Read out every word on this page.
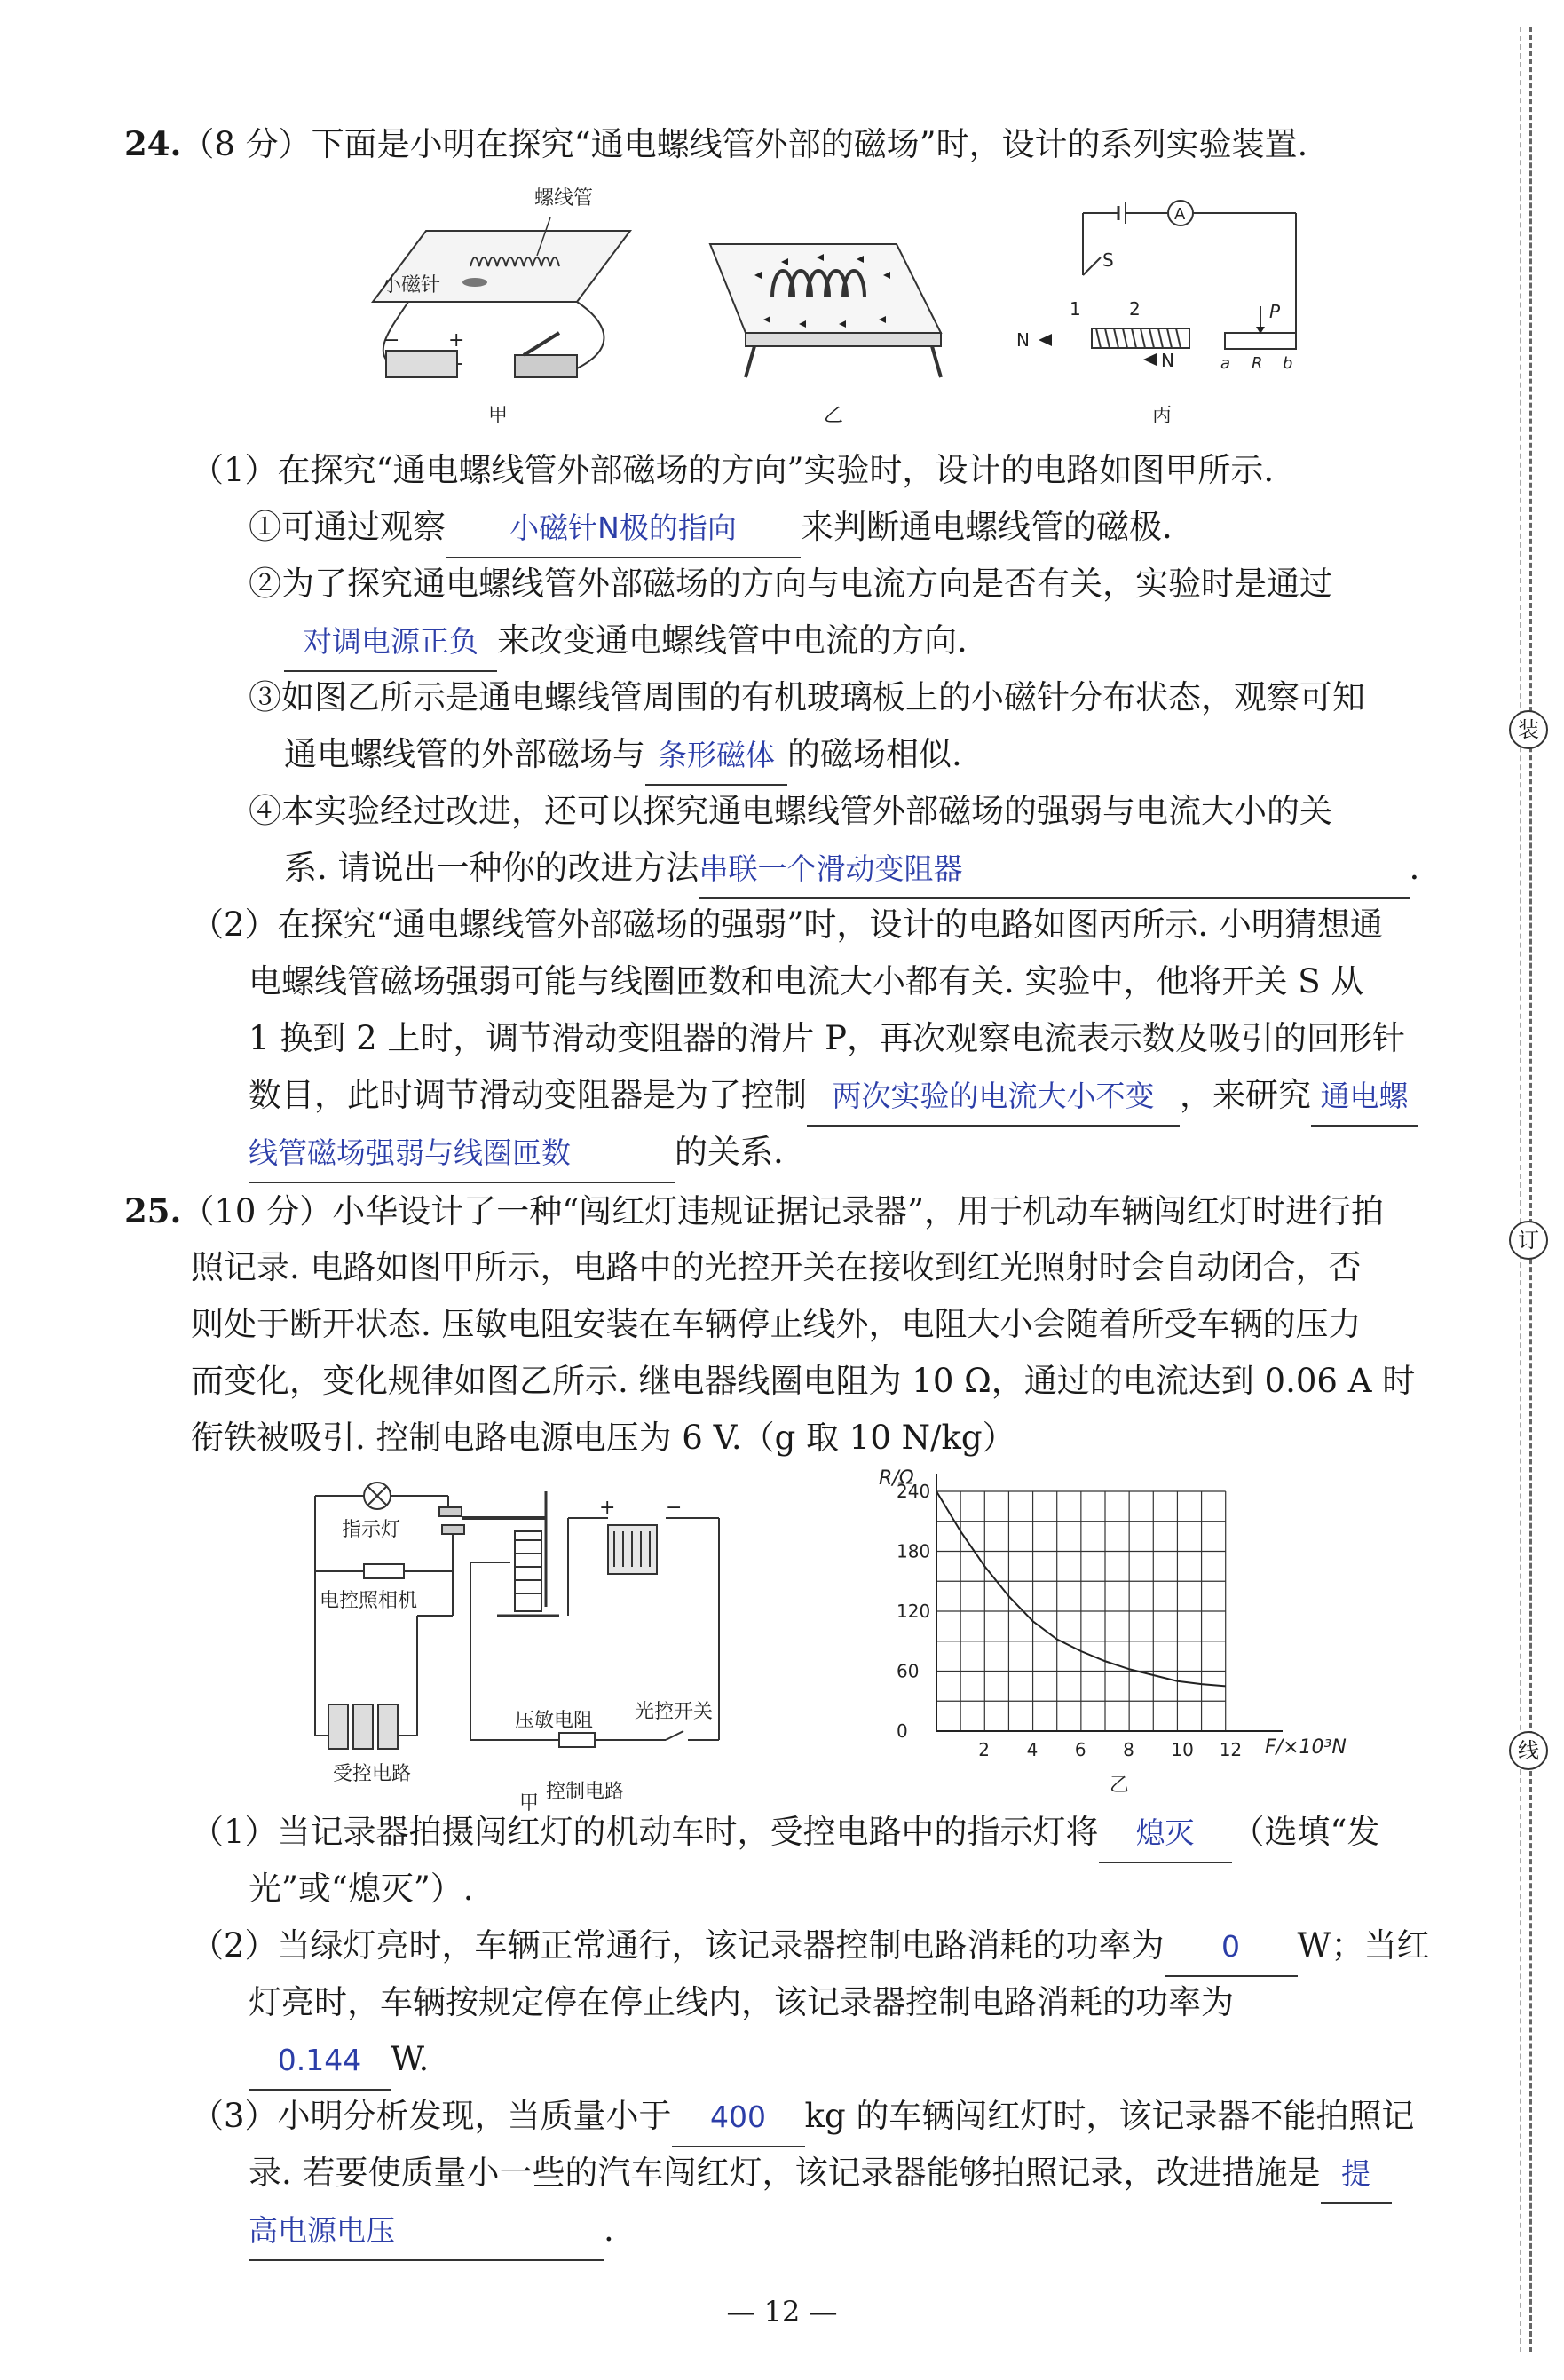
装
订
线
24.（8 分）下面是小明在探究“通电螺线管外部的磁场”时，设计的系列实验装置.
螺线管
小磁针
− +
甲	乙
A
S
1	2
N
N
P
a R b
丙
（1）在探究“通电螺线管外部磁场的方向”实验时，设计的电路如图甲所示.
①可通过观察 小磁针N极的指向 来判断通电螺线管的磁极.
②为了探究通电螺线管外部磁场的方向与电流方向是否有关，实验时是通过
对调电源正负 来改变通电螺线管中电流的方向.
③如图乙所示是通电螺线管周围的有机玻璃板上的小磁针分布状态，观察可知
通电螺线管的外部磁场与 条形磁体 的磁场相似.
④本实验经过改进，还可以探究通电螺线管外部磁场的强弱与电流大小的关
系. 请说出一种你的改进方法串联一个滑动变阻器	.
（2）在探究“通电螺线管外部磁场的强弱”时，设计的电路如图丙所示. 小明猜想通
电螺线管磁场强弱可能与线圈匝数和电流大小都有关. 实验中，他将开关 S 从
1 换到 2 上时，调节滑动变阻器的滑片 P，再次观察电流表示数及吸引的回形针
数目，此时调节滑动变阻器是为了控制 两次实验的电流大小不变 ，来研究 通电螺
线管磁场强弱与线圈匝数	的关系.
25.（10 分）小华设计了一种“闯红灯违规证据记录器”，用于机动车辆闯红灯时进行拍
照记录. 电路如图甲所示，电路中的光控开关在接收到红光照射时会自动闭合，否
则处于断开状态. 压敏电阻安装在车辆停止线外，电阻大小会随着所受车辆的压力
而变化，变化规律如图乙所示. 继电器线圈电阻为 10 Ω，通过的电流达到 0.06 A 时
衔铁被吸引. 控制电路电源电压为 6 V.（g 取 10 N/kg）
+	−
指示灯
电控照相机
受控电路
压敏电阻 光控开关
控制电路
甲
2 4 6 8 10 12
0
60
120
180
240
R/Ω
F/×10³N
乙
（1）当记录器拍摄闯红灯的机动车时，受控电路中的指示灯将 熄灭 （选填“发
光”或“熄灭”）.
（2）当绿灯亮时，车辆正常通行，该记录器控制电路消耗的功率为 0 W；当红
灯亮时，车辆按规定停在停止线内，该记录器控制电路消耗的功率为
0.144 W.
（3）小明分析发现，当质量小于 400 kg 的车辆闯红灯时，该记录器不能拍照记
录. 若要使质量小一些的汽车闯红灯，该记录器能够拍照记录，改进措施是 提
高电源电压	.
— 12 —
